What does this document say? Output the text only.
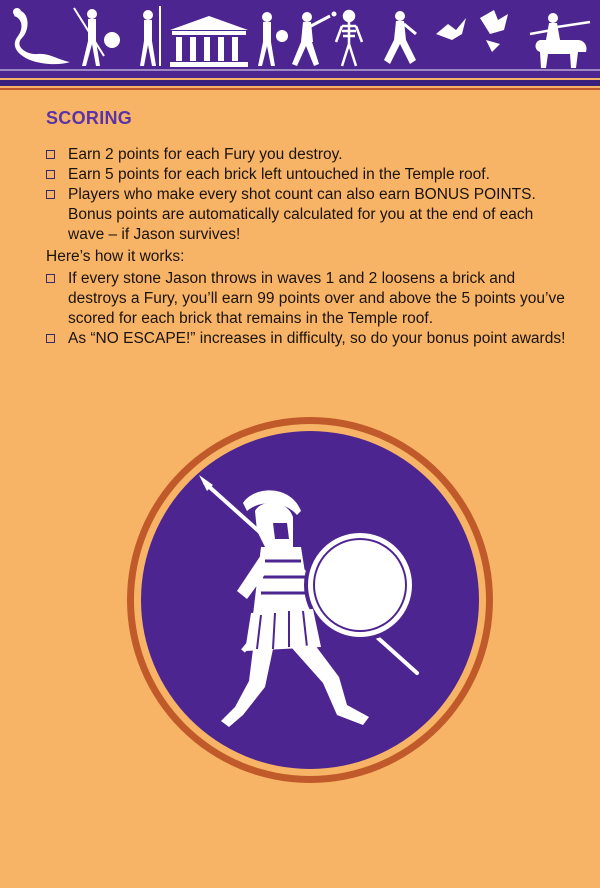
SCORING
Earn 2 points for each Fury you destroy.
Earn 5 points for each brick left untouched in the Temple roof.
Players who make every shot count can also earn BONUS POINTS. Bonus points are automatically calculated for you at the end of each wave – if Jason survives!

Here’s how it works:

If every stone Jason throws in waves 1 and 2 loosens a brick and destroys a Fury, you’ll earn 99 points over and above the 5 points you’ve scored for each brick that remains in the Temple roof.
As “NO ESCAPE!” increases in difficulty, so do your bonus point awards!
